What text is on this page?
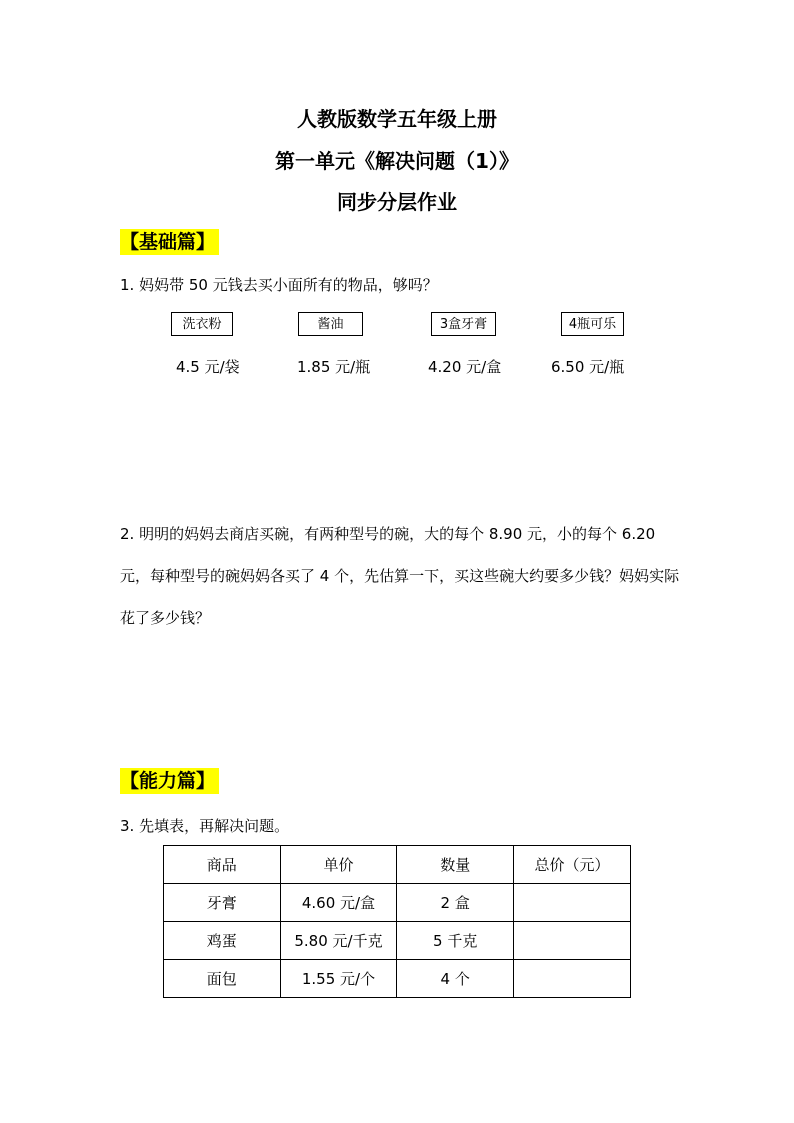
人教版数学五年级上册
第一单元《解决问题（1）》
同步分层作业
【基础篇】
1. 妈妈带 50 元钱去买小面所有的物品，够吗？
洗衣粉	酱油	3盒牙膏	4瓶可乐
4.5 元/袋	1.85 元/瓶	4.20 元/盒	6.50 元/瓶
2. 明明的妈妈去商店买碗，有两种型号的碗，大的每个 8.90 元，小的每个 6.20 元，每种型号的碗妈妈各买了 4 个，先估算一下，买这些碗大约要多少钱？妈妈实际花了多少钱？
【能力篇】
3. 先填表，再解决问题。
商品	单价	数量	总价（元）
牙膏	4.60 元/盒	2 盒	
鸡蛋	5.80 元/千克	5 千克	
面包	1.55 元/个	4 个	
